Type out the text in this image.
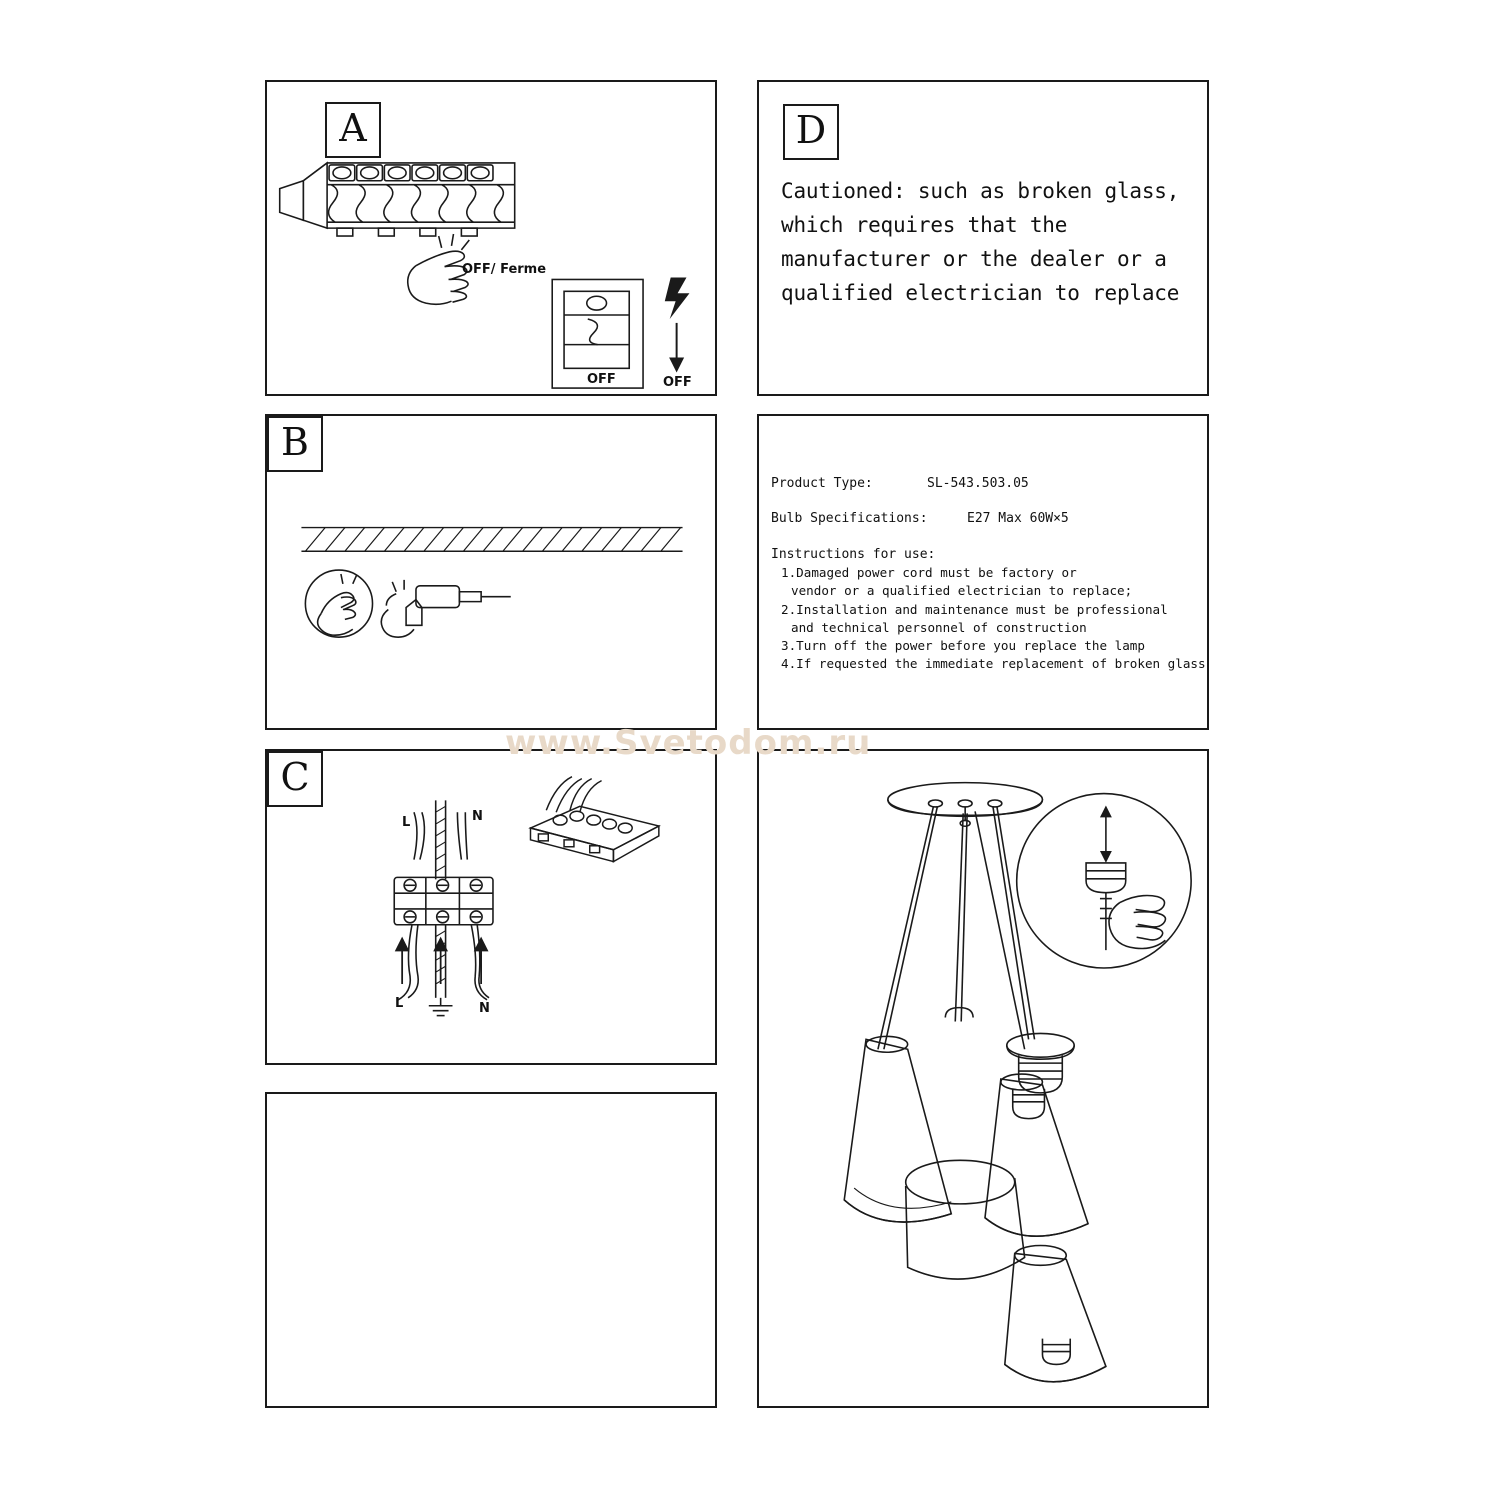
A
OFF/ Ferme
OFF	OFF
B
C
L	N
L	N
D
Cautioned: such as broken glass, which requires that the manufacturer or the dealer or a qualified electrician to replace
Product Type:	SL-543.503.05
Bulb Specifications:	E27 Max 60W×5
Instructions for use:
1.Damaged power cord must be factory or
vendor or a qualified electrician to replace;
2.Installation and maintenance must be professional
and technical personnel of construction
3.Turn off the power before you replace the lamp
4.If requested the immediate replacement of broken glass
www.Svetodom.ru
